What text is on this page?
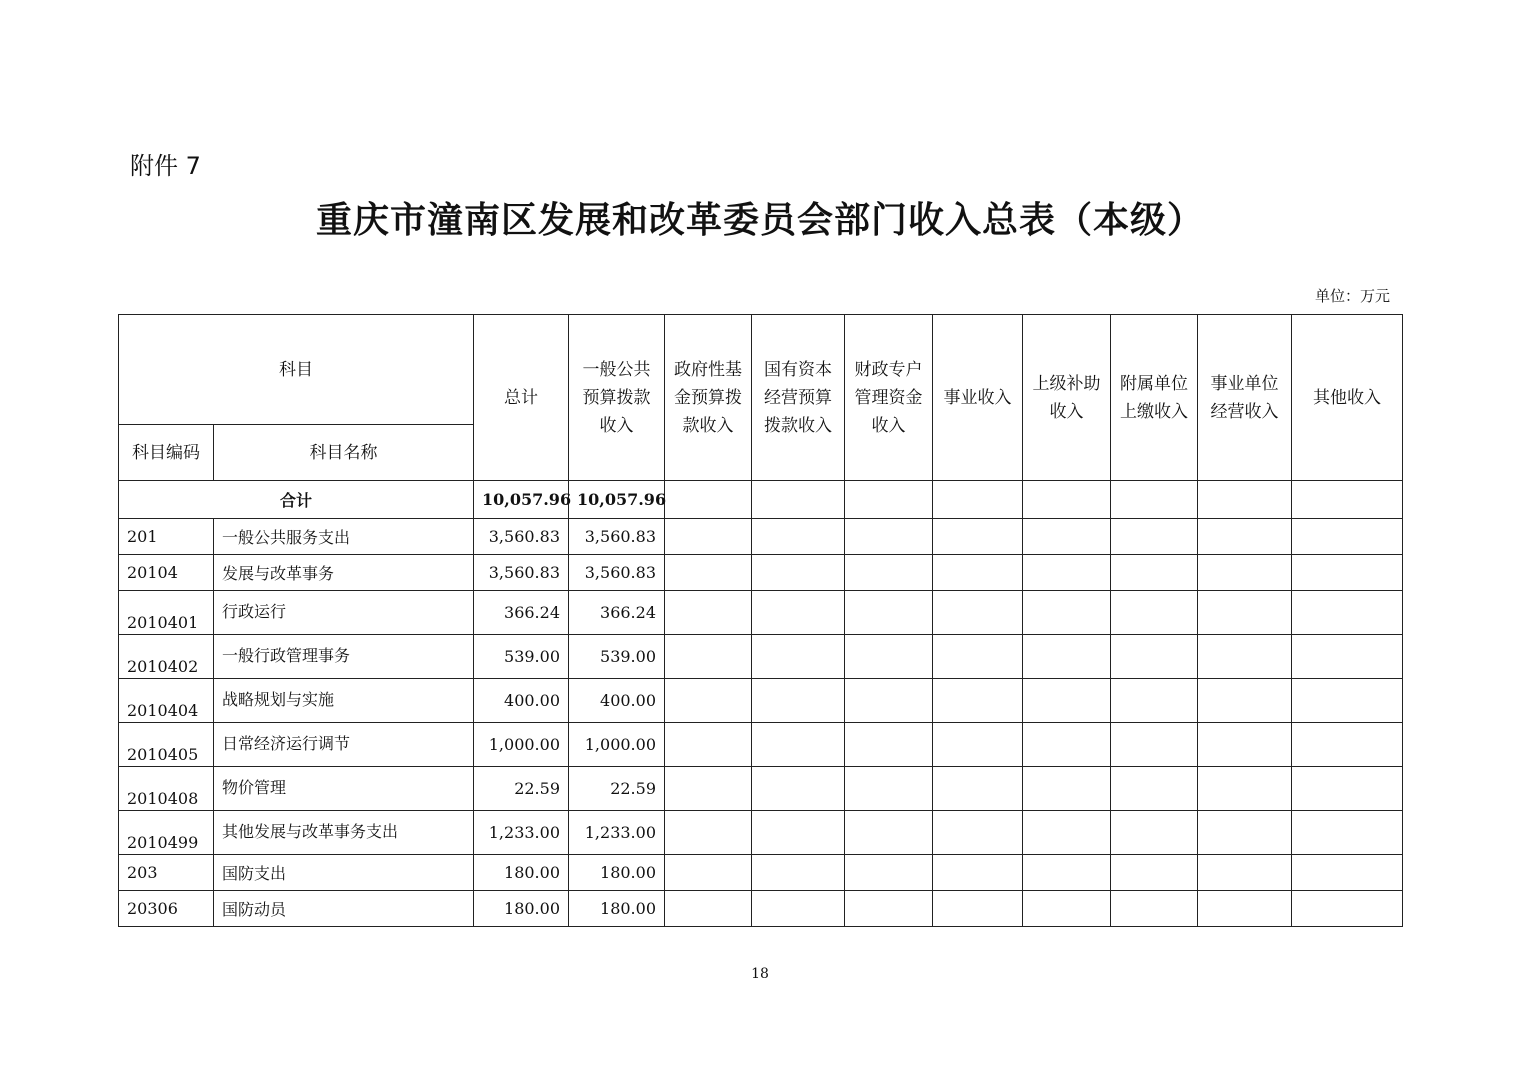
附件 7
重庆市潼南区发展和改革委员会部门收入总表（本级）
单位：万元
科目		总计	一般公共预算拨款收入	政府性基金预算拨款收入	国有资本经营预算拨款收入	财政专户管理资金收入	事业收入	上级补助收入	附属单位上缴收入	事业单位经营收入	其他收入
科目编码	科目名称										
合计		10,057.96	10,057.96								
201	一般公共服务支出	3,560.83	3,560.83								
20104	发展与改革事务	3,560.83	3,560.83								
2010401	行政运行	366.24	366.24								
2010402	一般行政管理事务	539.00	539.00								
2010404	战略规划与实施	400.00	400.00								
2010405	日常经济运行调节	1,000.00	1,000.00								
2010408	物价管理	22.59	22.59								
2010499	其他发展与改革事务支出	1,233.00	1,233.00								
203	国防支出	180.00	180.00								
20306	国防动员	180.00	180.00								
18
